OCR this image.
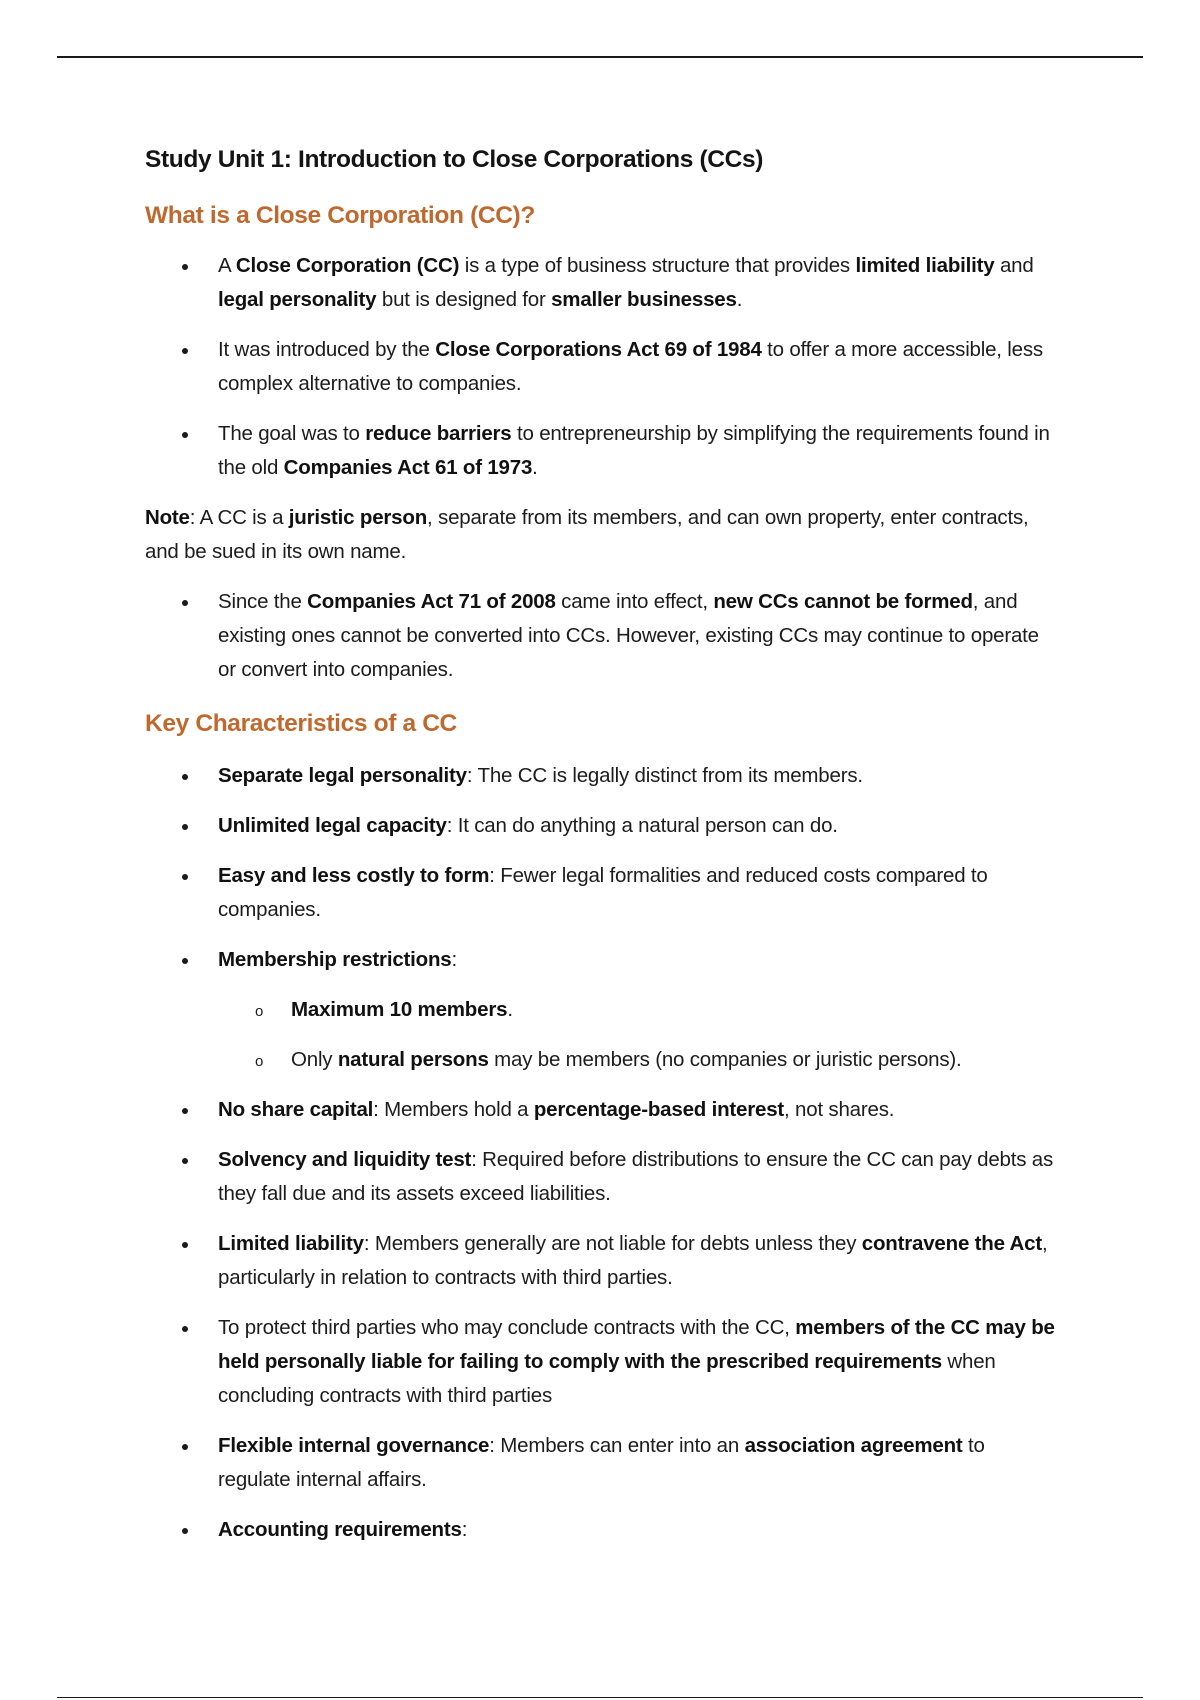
Study Unit 1: Introduction to Close Corporations (CCs)
What is a Close Corporation (CC)?
A Close Corporation (CC) is a type of business structure that provides limited liability and legal personality but is designed for smaller businesses.
It was introduced by the Close Corporations Act 69 of 1984 to offer a more accessible, less complex alternative to companies.
The goal was to reduce barriers to entrepreneurship by simplifying the requirements found in the old Companies Act 61 of 1973.
Note: A CC is a juristic person, separate from its members, and can own property, enter contracts, and be sued in its own name.
Since the Companies Act 71 of 2008 came into effect, new CCs cannot be formed, and existing ones cannot be converted into CCs. However, existing CCs may continue to operate or convert into companies.
Key Characteristics of a CC
Separate legal personality: The CC is legally distinct from its members.
Unlimited legal capacity: It can do anything a natural person can do.
Easy and less costly to form: Fewer legal formalities and reduced costs compared to companies.
Membership restrictions:
o Maximum 10 members.
o Only natural persons may be members (no companies or juristic persons).
No share capital: Members hold a percentage-based interest, not shares.
Solvency and liquidity test: Required before distributions to ensure the CC can pay debts as they fall due and its assets exceed liabilities.
Limited liability: Members generally are not liable for debts unless they contravene the Act, particularly in relation to contracts with third parties.
To protect third parties who may conclude contracts with the CC, members of the CC may be held personally liable for failing to comply with the prescribed requirements when concluding contracts with third parties
Flexible internal governance: Members can enter into an association agreement to regulate internal affairs.
Accounting requirements:
